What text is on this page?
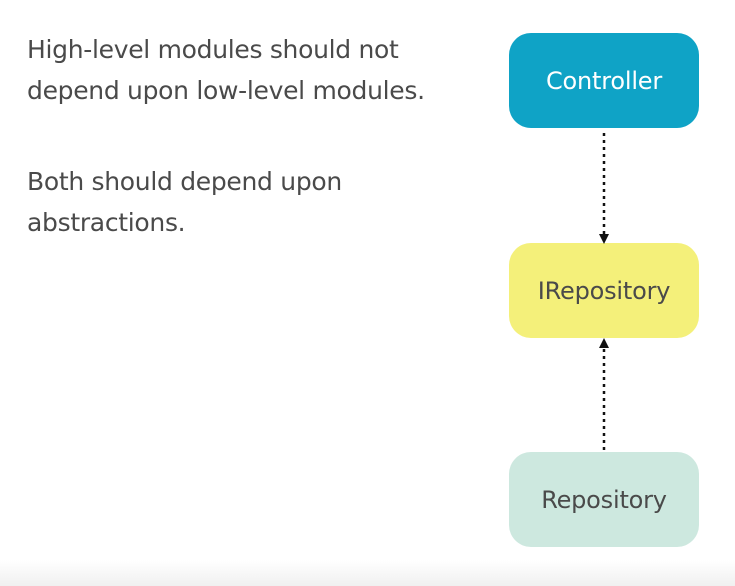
High-level modules should not
depend upon low-level modules.

Both should depend upon
abstractions.

Controller
IRepository
Repository
